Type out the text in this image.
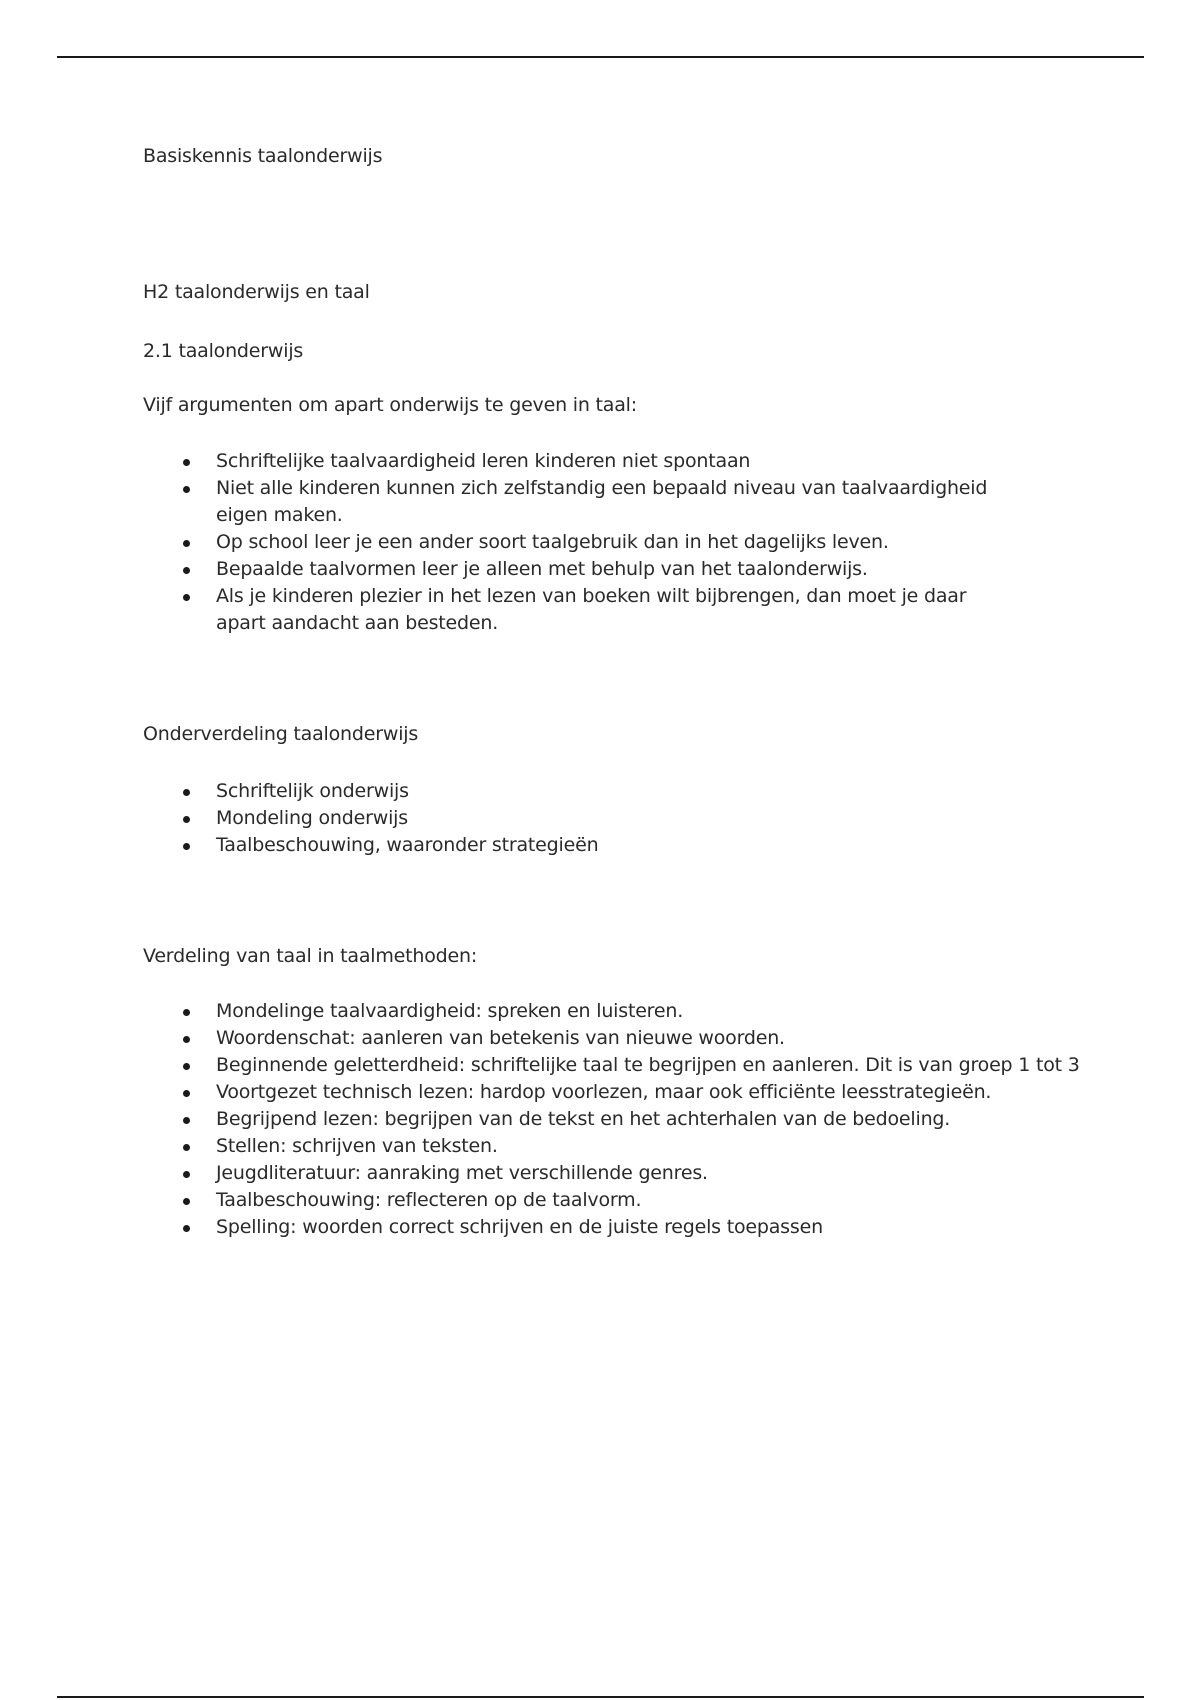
Basiskennis taalonderwijs
H2 taalonderwijs en taal
2.1 taalonderwijs
Vijf argumenten om apart onderwijs te geven in taal:
Schriftelijke taalvaardigheid leren kinderen niet spontaan
Niet alle kinderen kunnen zich zelfstandig een bepaald niveau van taalvaardigheid eigen maken.
Op school leer je een ander soort taalgebruik dan in het dagelijks leven.
Bepaalde taalvormen leer je alleen met behulp van het taalonderwijs.
Als je kinderen plezier in het lezen van boeken wilt bijbrengen, dan moet je daar apart aandacht aan besteden.
Onderverdeling taalonderwijs
Schriftelijk onderwijs
Mondeling onderwijs
Taalbeschouwing, waaronder strategieën
Verdeling van taal in taalmethoden:
Mondelinge taalvaardigheid: spreken en luisteren.
Woordenschat: aanleren van betekenis van nieuwe woorden.
Beginnende geletterdheid: schriftelijke taal te begrijpen en aanleren. Dit is van groep 1 tot 3
Voortgezet technisch lezen: hardop voorlezen, maar ook efficiënte leesstrategieën.
Begrijpend lezen: begrijpen van de tekst en het achterhalen van de bedoeling.
Stellen: schrijven van teksten.
Jeugdliteratuur: aanraking met verschillende genres.
Taalbeschouwing: reflecteren op de taalvorm.
Spelling: woorden correct schrijven en de juiste regels toepassen
